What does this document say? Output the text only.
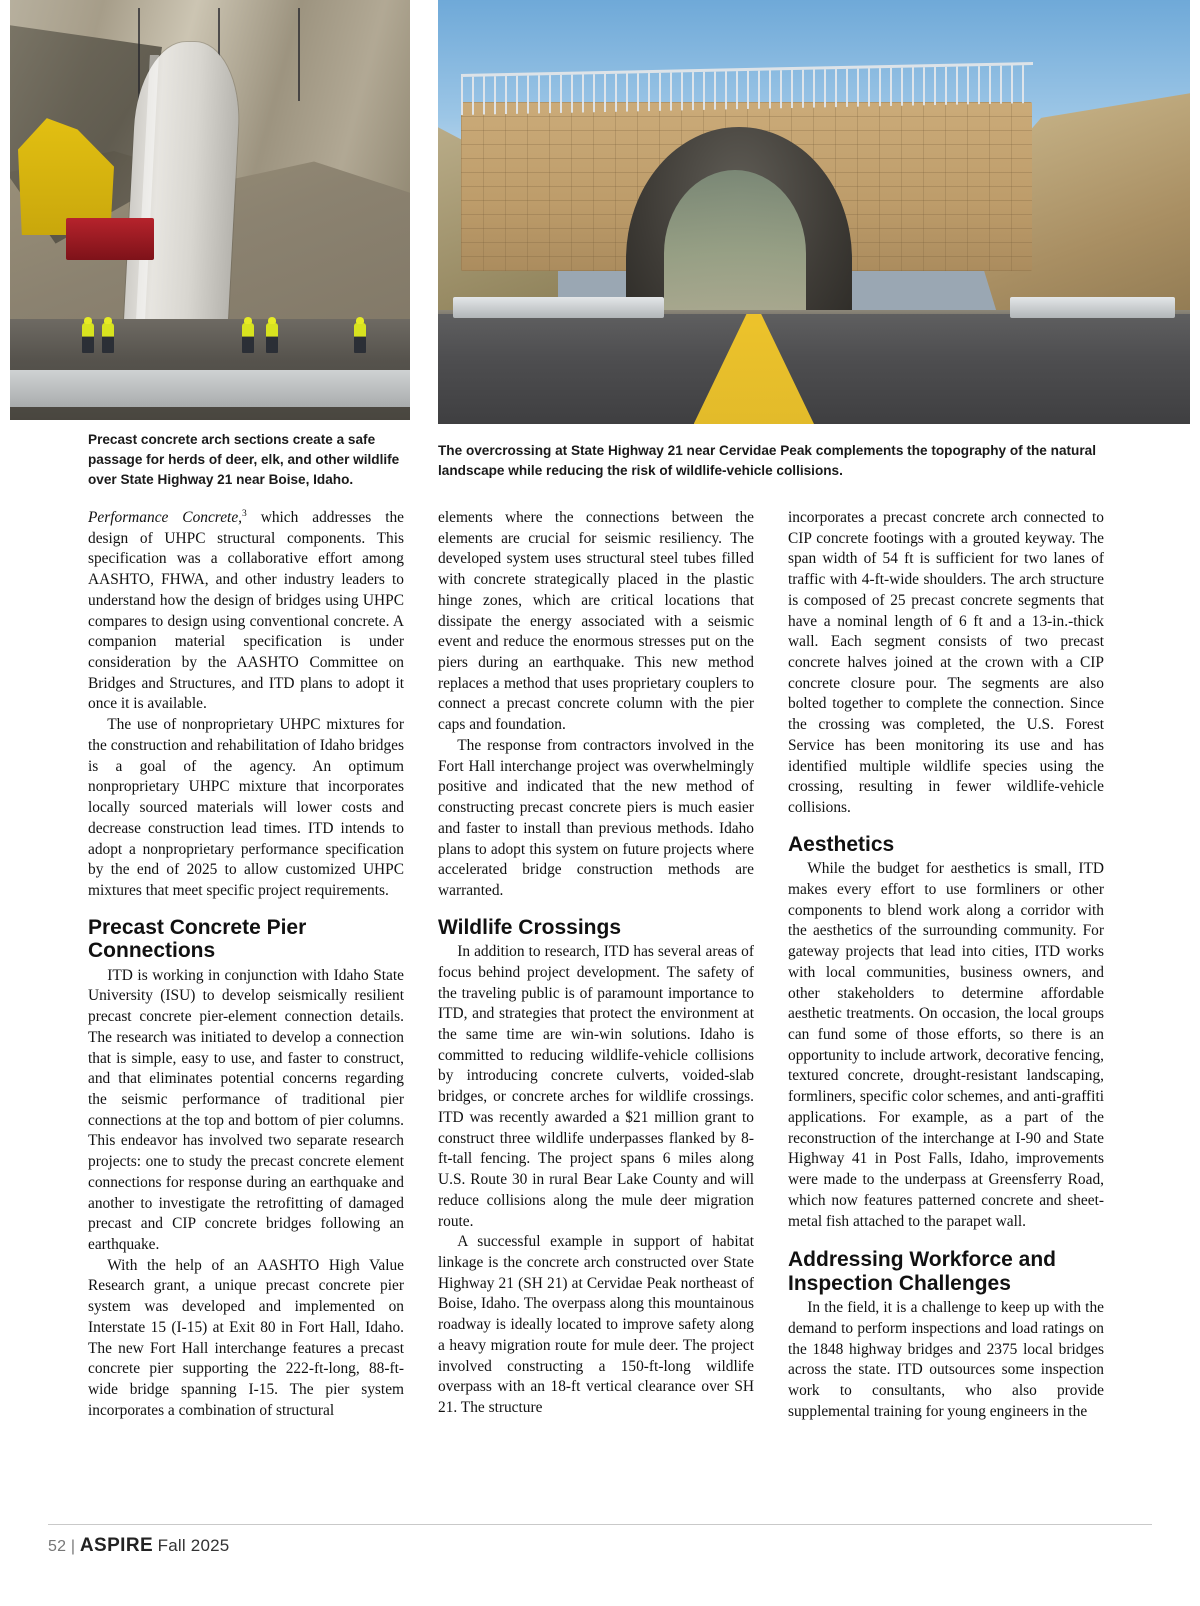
Precast concrete arch sections create a safe passage for herds of deer, elk, and other wildlife over State Highway 21 near Boise, Idaho.
The overcrossing at State Highway 21 near Cervidae Peak complements the topography of the natural landscape while reducing the risk of wildlife-vehicle collisions.

Performance Concrete,$^3$ which addresses the design of UHPC structural components. This specification was a collaborative effort among AASHTO, FHWA, and other industry leaders to understand how the design of bridges using UHPC compares to design using conventional concrete. A companion material specification is under consideration by the AASHTO Committee on Bridges and Structures, and ITD plans to adopt it once it is available.

The use of nonproprietary UHPC mixtures for the construction and rehabilitation of Idaho bridges is a goal of the agency. An optimum nonproprietary UHPC mixture that incorporates locally sourced materials will lower costs and decrease construction lead times. ITD intends to adopt a nonproprietary performance specification by the end of 2025 to allow customized UHPC mixtures that meet specific project requirements.

Precast Concrete Pier Connections

ITD is working in conjunction with Idaho State University (ISU) to develop seismically resilient precast concrete pier-element connection details. The research was initiated to develop a connection that is simple, easy to use, and faster to construct, and that eliminates potential concerns regarding the seismic performance of traditional pier connections at the top and bottom of pier columns. This endeavor has involved two separate research projects: one to study the precast concrete element connections for response during an earthquake and another to investigate the retrofitting of damaged precast and CIP concrete bridges following an earthquake.

With the help of an AASHTO High Value Research grant, a unique precast concrete pier system was developed and implemented on Interstate 15 (I-15) at Exit 80 in Fort Hall, Idaho. The new Fort Hall interchange features a precast concrete pier supporting the 222-ft-long, 88-ft-wide bridge spanning I-15. The pier system incorporates a combination of structural

elements where the connections between the elements are crucial for seismic resiliency. The developed system uses structural steel tubes filled with concrete strategically placed in the plastic hinge zones, which are critical locations that dissipate the energy associated with a seismic event and reduce the enormous stresses put on the piers during an earthquake. This new method replaces a method that uses proprietary couplers to connect a precast concrete column with the pier caps and foundation.

The response from contractors involved in the Fort Hall interchange project was overwhelmingly positive and indicated that the new method of constructing precast concrete piers is much easier and faster to install than previous methods. Idaho plans to adopt this system on future projects where accelerated bridge construction methods are warranted.

Wildlife Crossings

In addition to research, ITD has several areas of focus behind project development. The safety of the traveling public is of paramount importance to ITD, and strategies that protect the environment at the same time are win-win solutions. Idaho is committed to reducing wildlife-vehicle collisions by introducing concrete culverts, voided-slab bridges, or concrete arches for wildlife crossings. ITD was recently awarded a $21 million grant to construct three wildlife underpasses flanked by 8-ft-tall fencing. The project spans 6 miles along U.S. Route 30 in rural Bear Lake County and will reduce collisions along the mule deer migration route.

A successful example in support of habitat linkage is the concrete arch constructed over State Highway 21 (SH 21) at Cervidae Peak northeast of Boise, Idaho. The overpass along this mountainous roadway is ideally located to improve safety along a heavy migration route for mule deer. The project involved constructing a 150-ft-long wildlife overpass with an 18-ft vertical clearance over SH 21. The structure

incorporates a precast concrete arch connected to CIP concrete footings with a grouted keyway. The span width of 54 ft is sufficient for two lanes of traffic with 4-ft-wide shoulders. The arch structure is composed of 25 precast concrete segments that have a nominal length of 6 ft and a 13-in.-thick wall. Each segment consists of two precast concrete halves joined at the crown with a CIP concrete closure pour. The segments are also bolted together to complete the connection. Since the crossing was completed, the U.S. Forest Service has been monitoring its use and has identified multiple wildlife species using the crossing, resulting in fewer wildlife-vehicle collisions.

Aesthetics

While the budget for aesthetics is small, ITD makes every effort to use formliners or other components to blend work along a corridor with the aesthetics of the surrounding community. For gateway projects that lead into cities, ITD works with local communities, business owners, and other stakeholders to determine affordable aesthetic treatments. On occasion, the local groups can fund some of those efforts, so there is an opportunity to include artwork, decorative fencing, textured concrete, drought-resistant landscaping, formliners, specific color schemes, and anti-graffiti applications. For example, as a part of the reconstruction of the interchange at I-90 and State Highway 41 in Post Falls, Idaho, improvements were made to the underpass at Greensferry Road, which now features patterned concrete and sheet-metal fish attached to the parapet wall.

Addressing Workforce and Inspection Challenges

In the field, it is a challenge to keep up with the demand to perform inspections and load ratings on the 1848 highway bridges and 2375 local bridges across the state. ITD outsources some inspection work to consultants, who also provide supplemental training for young engineers in the

52 | ASPIRE Fall 2025
